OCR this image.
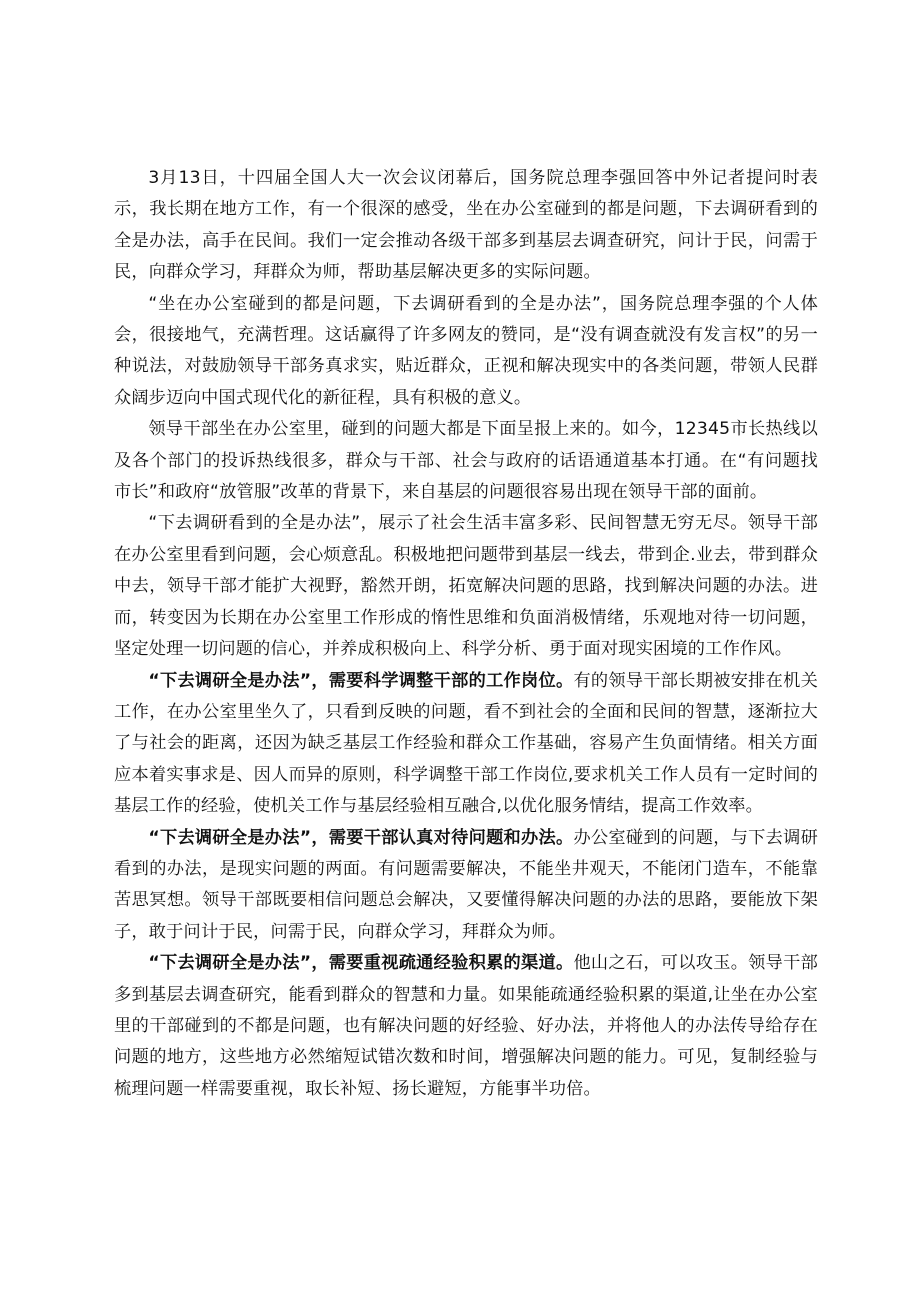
3月13日，十四届全国人大一次会议闭幕后，国务院总理李强回答中外记者提问时表示，我长期在地方工作，有一个很深的感受，坐在办公室碰到的都是问题，下去调研看到的全是办法，高手在民间。我们一定会推动各级干部多到基层去调查研究，问计于民，问需于民，向群众学习，拜群众为师，帮助基层解决更多的实际问题。

“坐在办公室碰到的都是问题，下去调研看到的全是办法”，国务院总理李强的个人体会，很接地气，充满哲理。这话赢得了许多网友的赞同，是“没有调查就没有发言权”的另一种说法，对鼓励领导干部务真求实，贴近群众，正视和解决现实中的各类问题，带领人民群众阔步迈向中国式现代化的新征程，具有积极的意义。

领导干部坐在办公室里，碰到的问题大都是下面呈报上来的。如今，12345市长热线以及各个部门的投诉热线很多，群众与干部、社会与政府的话语通道基本打通。在“有问题找市长”和政府“放管服”改革的背景下，来自基层的问题很容易出现在领导干部的面前。

“下去调研看到的全是办法”，展示了社会生活丰富多彩、民间智慧无穷无尽。领导干部在办公室里看到问题，会心烦意乱。积极地把问题带到基层一线去，带到企.业去，带到群众中去，领导干部才能扩大视野，豁然开朗，拓宽解决问题的思路，找到解决问题的办法。进而，转变因为长期在办公室里工作形成的惰性思维和负面消极情绪，乐观地对待一切问题，坚定处理一切问题的信心，并养成积极向上、科学分析、勇于面对现实困境的工作作风。

“下去调研全是办法”，需要科学调整干部的工作岗位。有的领导干部长期被安排在机关工作，在办公室里坐久了，只看到反映的问题，看不到社会的全面和民间的智慧，逐渐拉大了与社会的距离，还因为缺乏基层工作经验和群众工作基础，容易产生负面情绪。相关方面应本着实事求是、因人而异的原则，科学调整干部工作岗位,要求机关工作人员有一定时间的基层工作的经验，使机关工作与基层经验相互融合,以优化服务情结，提高工作效率。

“下去调研全是办法”，需要干部认真对待问题和办法。办公室碰到的问题，与下去调研看到的办法，是现实问题的两面。有问题需要解决，不能坐井观天，不能闭门造车，不能靠苦思冥想。领导干部既要相信问题总会解决，又要懂得解决问题的办法的思路，要能放下架子，敢于问计于民，问需于民，向群众学习，拜群众为师。

“下去调研全是办法”，需要重视疏通经验积累的渠道。他山之石，可以攻玉。领导干部多到基层去调查研究，能看到群众的智慧和力量。如果能疏通经验积累的渠道,让坐在办公室里的干部碰到的不都是问题，也有解决问题的好经验、好办法，并将他人的办法传导给存在问题的地方，这些地方必然缩短试错次数和时间，增强解决问题的能力。可见，复制经验与梳理问题一样需要重视，取长补短、扬长避短，方能事半功倍。
